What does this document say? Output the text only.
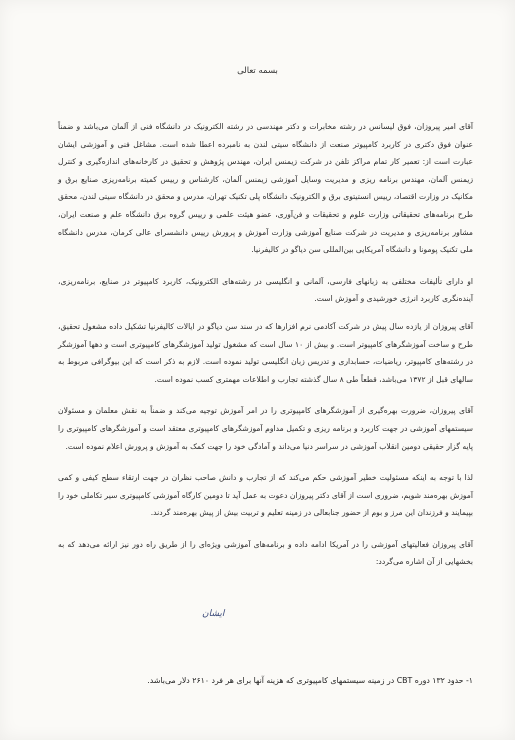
بسمه تعالی

آقای امیر پیروزان، فوق لیسانس در رشته مخابرات و دکتر مهندسی در رشته الکترونیک در دانشگاه فنی از آلمان می‌باشد و ضمناً عنوان فوق دکتری در کاربرد کامپیوتر صنعت از دانشگاه سیتی لندن به نامبرده اعطا شده است. مشاغل فنی و آموزشی ایشان عبارت است از: تعمیر کار تمام مراکز تلفن در شرکت زیمنس ایران، مهندس پژوهش و تحقیق در کارخانه‌های اندازه‌گیری و کنترل زیمنس آلمان، مهندس برنامه ریزی و مدیریت وسایل آموزشی زیمنس آلمان، کارشناس و رییس کمیته برنامه‌ریزی صنایع برق و مکانیک در وزارت اقتصاد، رییس انستیتوی برق و الکترونیک دانشگاه پلی تکنیک تهران، مدرس و محقق در دانشگاه سیتی لندن، محقق طرح برنامه‌های تحقیقاتی وزارت علوم و تحقیقات و فن‌آوری، عضو هیئت علمی و رییس گروه برق دانشگاه علم و صنعت ایران، مشاور برنامه‌ریزی و مدیریت در شرکت صنایع آموزشی وزارت آموزش و پرورش رییس دانشسرای عالی کرمان، مدرس دانشگاه ملی تکنیک پومونا و دانشگاه آمریکایی بین‌المللی سن دیاگو در کالیفرنیا.

او دارای تألیفات مختلفی به زبانهای فارسی، آلمانی و انگلیسی در رشته‌های الکترونیک، کاربرد کامپیوتر در صنایع، برنامه‌ریزی، آینده‌نگری کاربرد انرژی خورشیدی و آموزش است.

آقای پیروزان از یازده سال پیش در شرکت آکادمی نرم افزارها که در سند سن دیاگو در ایالات کالیفرنیا تشکیل داده مشغول تحقیق، طرح و ساخت آموزشگرهای کامپیوتر است. و بیش از ۱۰ سال است که مشغول تولید آموزشگرهای کامپیوتری است و دهها آموزشگر در رشته‌های کامپیوتر، ریاضیات، حسابداری و تدریس زبان انگلیسی تولید نموده است. لازم به ذکر است که این بیوگرافی مربوط به سالهای قبل از ۱۳۷۲ می‌باشد، قطعاً طی ۸ سال گذشته تجارب و اطلاعات مهمتری کسب نموده است.

آقای پیروزان، ضرورت بهره‌گیری از آموزشگرهای کامپیوتری را در امر آموزش توجیه می‌کند و ضمناً به نقش معلمان و مسئولان سیستمهای آموزشی در جهت کاربرد و برنامه ریزی و تکمیل مداوم آموزشگرهای کامپیوتری معتقد است و آموزشگرهای کامپیوتری را پایه گزار حقیقی دومین انقلاب آموزشی در سراسر دنیا می‌داند و آمادگی خود را جهت کمک به آموزش و پرورش اعلام نموده است.

لذا با توجه به اینکه مسئولیت خطیر آموزشی حکم می‌کند که از تجارب و دانش صاحب نظران در جهت ارتقاء سطح کیفی و کمی آموزش بهره‌مند شویم، ضروری است از آقای دکتر پیروزان دعوت به عمل آید تا دومین کارگاه آموزشی کامپیوتری سیر تکاملی خود را بپیمایند و فرزندان این مرز و بوم از حضور جنابعالی در زمینه تعلیم و تربیت بیش از پیش بهره‌مند گردند.

آقای پیروزان فعالیتهای آموزشی را در آمریکا ادامه داده و برنامه‌های آموزشی ویژه‌ای را از طریق راه دور نیز ارائه می‌دهد که به بخشهایی از آن اشاره می‌گردد:

ایشان
۱- حدود ۱۳۲ دوره CBT در زمینه سیستمهای کامپیوتری که هزینه آنها برای هر فرد ۲۶۱۰ دلار می‌باشد.
